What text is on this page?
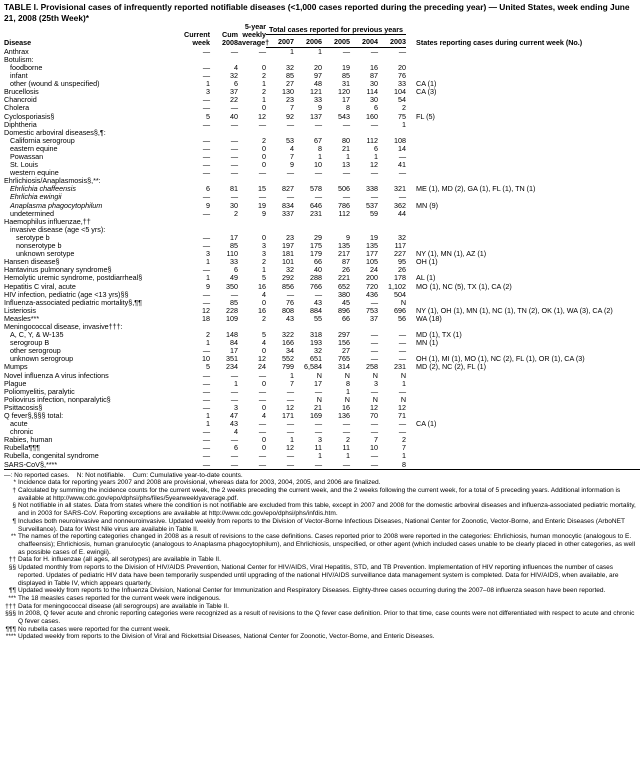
TABLE I. Provisional cases of infrequently reported notifiable diseases (<1,000 cases reported during the preceding year) — United States, week ending June 21, 2008 (25th Week)*
Disease	Current week	Cum 2008	5-year weekly average†	Total cases reported for previous years					States reporting cases during current week (No.)
				2007	2006	2005	2004	2003	
Anthrax	—	—	—	1	1	—	—	—	
Botulism:									
foodborne	—	4	0	32	20	19	16	20	
infant	—	32	2	85	97	85	87	76	
other (wound & unspecified)	1	6	1	27	48	31	30	33	CA (1)
Brucellosis	3	37	2	130	121	120	114	104	CA (3)
Chancroid	—	22	1	23	33	17	30	54	
Cholera	—	—	0	7	9	8	6	2	
Cyclosporiasis§	5	40	12	92	137	543	160	75	FL (5)
Diphtheria	—	—	—	—	—	—	—	1	
Domestic arboviral diseases§,¶:									
California serogroup	—	—	2	53	67	80	112	108	
eastern equine	—	—	0	4	8	21	6	14	
Powassan	—	—	0	7	1	1	1	—	
St. Louis	—	—	0	9	10	13	12	41	
western equine	—	—	—	—	—	—	—	—	
Ehrlichiosis/Anaplasmosis§,**:									
Ehrlichia chaffeensis	6	81	15	827	578	506	338	321	ME (1), MD (2), GA (1), FL (1), TN (1)
Ehrlichia ewingii	—	—	—	—	—	—	—	—	
Anaplasma phagocytophilum	9	30	19	834	646	786	537	362	MN (9)
undetermined	—	2	9	337	231	112	59	44	
Haemophilus influenzae,††									
invasive disease (age <5 yrs):									
serotype b	—	17	0	23	29	9	19	32	
nonserotype b	—	85	3	197	175	135	135	117	
unknown serotype	3	110	3	181	179	217	177	227	NY (1), MN (1), AZ (1)
Hansen disease§	1	33	2	101	66	87	105	95	OH (1)
Hantavirus pulmonary syndrome§	—	6	1	32	40	26	24	26	
Hemolytic uremic syndrome, postdiarrheal§	1	49	5	292	288	221	200	178	AL (1)
Hepatitis C viral, acute	9	350	16	856	766	652	720	1,102	MO (1), NC (5), TX (1), CA (2)
HIV infection, pediatric (age <13 yrs)§§	—	—	4	—	—	380	436	504	
Influenza-associated pediatric mortality§,¶¶	—	85	0	76	43	45	—	N	
Listeriosis	12	228	16	808	884	896	753	696	NY (1), OH (1), MN (1), NC (1), TN (2), OK (1), WA (3), CA (2)
Measles***	18	109	2	43	55	66	37	56	WA (18)
Meningococcal disease, invasive†††:									
A, C, Y, & W-135	2	148	5	322	318	297	—	—	MD (1), TX (1)
serogroup B	1	84	4	166	193	156	—	—	MN (1)
other serogroup	—	17	0	34	32	27	—	—	
unknown serogroup	10	351	12	552	651	765	—	—	OH (1), MI (1), MO (1), NC (2), FL (1), OR (1), CA (3)
Mumps	5	234	24	799	6,584	314	258	231	MD (2), NC (2), FL (1)
Novel influenza A virus infections	—	—	—	1	N	N	N	N	
Plague	—	1	0	7	17	8	3	1	
Poliomyelitis, paralytic	—	—	—	—	—	1	—	—	
Poliovirus infection, nonparalytic§	—	—	—	—	N	N	N	N	
Psittacosis§	—	3	0	12	21	16	12	12	
Q fever§,§§§ total:	1	47	4	171	169	136	70	71	
acute	1	43	—	—	—	—	—	—	CA (1)
chronic	—	4	—	—	—	—	—	—	
Rabies, human	—	—	0	1	3	2	7	2	
Rubella¶¶¶	—	6	0	12	11	11	10	7	
Rubella, congenital syndrome	—	—	—	—	1	1	—	1	
SARS-CoV§,****	—	—	—	—	—	—	—	8	
—: No reported cases.    N: Not notifiable.    Cum: Cumulative year-to-date counts.
* Incidence data for reporting years 2007 and 2008 are provisional, whereas data for 2003, 2004, 2005, and 2006 are finalized.
† Calculated by summing the incidence counts for the current week, the 2 weeks preceding the current week, and the 2 weeks following the current week, for a total of 5 preceding years. Additional information is available at http://www.cdc.gov/epo/dphsi/phs/files/5yearweeklyaverage.pdf.
§ Not notifiable in all states. Data from states where the condition is not notifiable are excluded from this table, except in 2007 and 2008 for the domestic arboviral diseases and influenza-associated pediatric mortality, and in 2003 for SARS-CoV. Reporting exceptions are available at http://www.cdc.gov/epo/dphsi/phs/infdis.htm.
¶ Includes both neuroinvasive and nonneuroinvasive. Updated weekly from reports to the Division of Vector-Borne Infectious Diseases, National Center for Zoonotic, Vector-Borne, and Enteric Diseases (ArboNET Surveillance). Data for West Nile virus are available in Table II.
** The names of the reporting categories changed in 2008 as a result of revisions to the case definitions. Cases reported prior to 2008 were reported in the categories: Ehrlichiosis, human monocytic (analogous to E. chaffeensis); Ehrlichiosis, human granulocytic (analogous to Anaplasma phagocytophilum), and Ehrlichiosis, unspecified, or other agent (which included cases unable to be clearly placed in other categories, as well as possible cases of E. ewingii).
†† Data for H. influenzae (all ages, all serotypes) are available in Table II.
§§ Updated monthly from reports to the Division of HIV/AIDS Prevention, National Center for HIV/AIDS, Viral Hepatitis, STD, and TB Prevention. Implementation of HIV reporting influences the number of cases reported. Updates of pediatric HIV data have been temporarily suspended until upgrading of the national HIV/AIDS surveillance data management system is completed. Data for HIV/AIDS, when available, are displayed in Table IV, which appears quarterly.
¶¶ Updated weekly from reports to the Influenza Division, National Center for Immunization and Respiratory Diseases. Eighty-three cases occurring during the 2007–08 influenza season have been reported.
*** The 18 measles cases reported for the current week were indigenous.
††† Data for meningococcal disease (all serogroups) are available in Table II.
§§§ In 2008, Q fever acute and chronic reporting categories were recognized as a result of revisions to the Q fever case definition. Prior to that time, case counts were not differentiated with respect to acute and chronic Q fever cases.
¶¶¶ No rubella cases were reported for the current week.
**** Updated weekly from reports to the Division of Viral and Rickettsial Diseases, National Center for Zoonotic, Vector-Borne, and Enteric Diseases.
